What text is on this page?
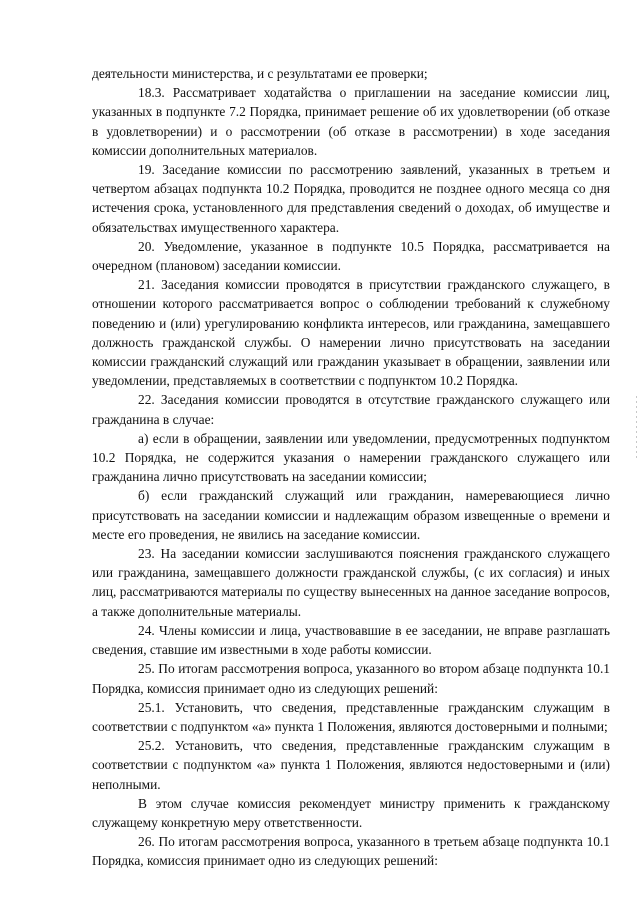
деятельности министерства, и с результатами ее проверки;

18.3. Рассматривает ходатайства о приглашении на заседание комиссии лиц, указанных в подпункте 7.2 Порядка, принимает решение об их удовлетворении (об отказе в удовлетворении) и о рассмотрении (об отказе в рассмотрении) в ходе заседания комиссии дополнительных материалов.

19. Заседание комиссии по рассмотрению заявлений, указанных в третьем и четвертом абзацах подпункта 10.2 Порядка, проводится не позднее одного месяца со дня истечения срока, установленного для представления сведений о доходах, об имуществе и обязательствах имущественного характера.

20. Уведомление, указанное в подпункте 10.5 Порядка, рассматривается на очередном (плановом) заседании комиссии.

21. Заседания комиссии проводятся в присутствии гражданского служащего, в отношении которого рассматривается вопрос о соблюдении требований к служебному поведению и (или) урегулированию конфликта интересов, или гражданина, замещавшего должность гражданской службы. О намерении лично присутствовать на заседании комиссии гражданский служащий или гражданин указывает в обращении, заявлении или уведомлении, представляемых в соответствии с подпунктом 10.2 Порядка.

22. Заседания комиссии проводятся в отсутствие гражданского служащего или гражданина в случае:

а) если в обращении, заявлении или уведомлении, предусмотренных подпунктом 10.2 Порядка, не содержится указания о намерении гражданского служащего или гражданина лично присутствовать на заседании комиссии;

б) если гражданский служащий или гражданин, намеревающиеся лично присутствовать на заседании комиссии и надлежащим образом извещенные о времени и месте его проведения, не явились на заседание комиссии.

23. На заседании комиссии заслушиваются пояснения гражданского служащего или гражданина, замещавшего должности гражданской службы, (с их согласия) и иных лиц, рассматриваются материалы по существу вынесенных на данное заседание вопросов, а также дополнительные материалы.

24. Члены комиссии и лица, участвовавшие в ее заседании, не вправе разглашать сведения, ставшие им известными в ходе работы комиссии.

25. По итогам рассмотрения вопроса, указанного во втором абзаце подпункта 10.1 Порядка, комиссия принимает одно из следующих решений:

25.1. Установить, что сведения, представленные гражданским служащим в соответствии с подпунктом «а» пункта 1 Положения, являются достоверными и полными;

25.2. Установить, что сведения, представленные гражданским служащим в соответствии с подпунктом «а» пункта 1 Положения, являются недостоверными и (или) неполными.

В этом случае комиссия рекомендует министру применить к гражданскому служащему конкретную меру ответственности.

26. По итогам рассмотрения вопроса, указанного в третьем абзаце подпункта 10.1 Порядка, комиссия принимает одно из следующих решений:
